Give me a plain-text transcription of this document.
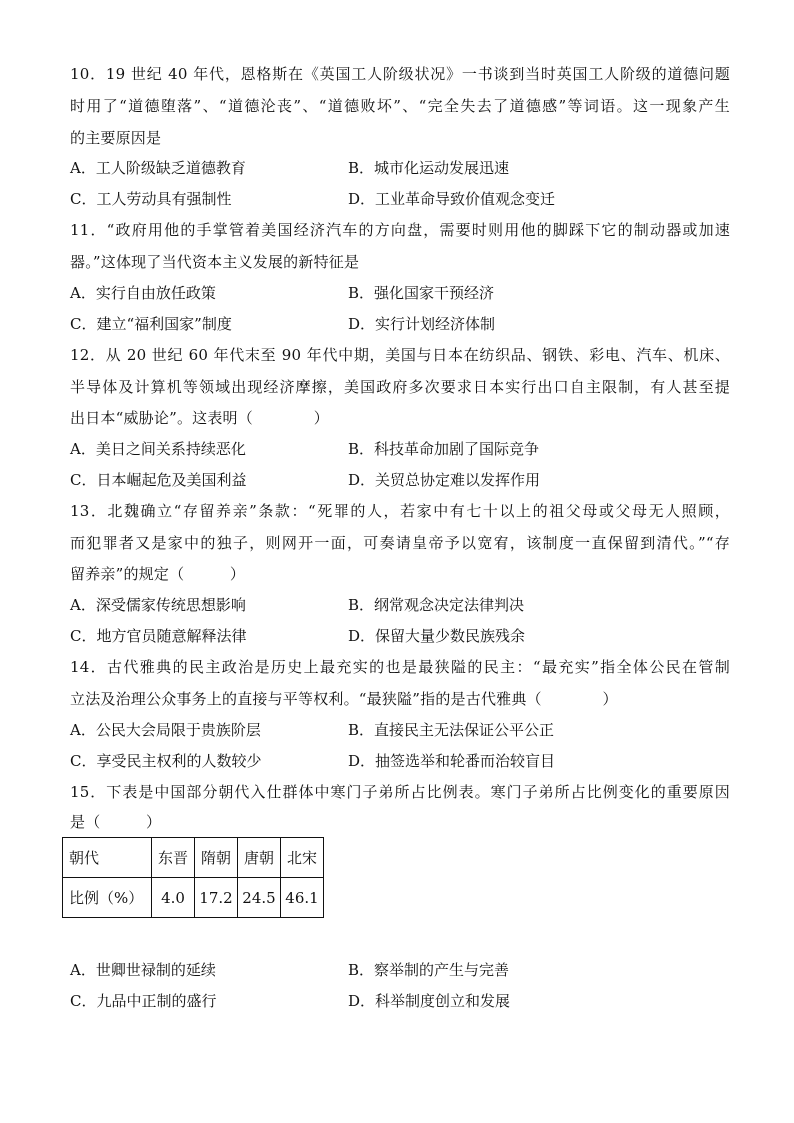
10．19 世纪 40 年代，恩格斯在《英国工人阶级状况》一书谈到当时英国工人阶级的道德问题
时用了“道德堕落”、“道德沦丧”、“道德败坏”、“完全失去了道德感”等词语。这一现象产生
的主要原因是
A．工人阶级缺乏道德教育	B．城市化运动发展迅速
C．工人劳动具有强制性	D．工业革命导致价值观念变迁
11．“政府用他的手掌管着美国经济汽车的方向盘，需要时则用他的脚踩下它的制动器或加速
器。”这体现了当代资本主义发展的新特征是
A．实行自由放任政策	B．强化国家干预经济
C．建立“福利国家”制度	D．实行计划经济体制
12．从 20 世纪 60 年代末至 90 年代中期，美国与日本在纺织品、钢铁、彩电、汽车、机床、
半导体及计算机等领域出现经济摩擦，美国政府多次要求日本实行出口自主限制，有人甚至提
出日本“威胁论”。这表明（　　　　）
A．美日之间关系持续恶化	B．科技革命加剧了国际竞争
C．日本崛起危及美国利益	D．关贸总协定难以发挥作用
13．北魏确立“存留养亲”条款：“死罪的人，若家中有七十以上的祖父母或父母无人照顾，
而犯罪者又是家中的独子，则网开一面，可奏请皇帝予以宽宥，该制度一直保留到清代。”“存
留养亲”的规定（　　　）
A．深受儒家传统思想影响	B．纲常观念决定法律判决
C．地方官员随意解释法律	D．保留大量少数民族残余
14．古代雅典的民主政治是历史上最充实的也是最狭隘的民主：“最充实”指全体公民在管制
立法及治理公众事务上的直接与平等权利。“最狭隘”指的是古代雅典（　　　　）
A．公民大会局限于贵族阶层	B．直接民主无法保证公平公正
C．享受民主权利的人数较少	D．抽签选举和轮番而治较盲目
15．下表是中国部分朝代入仕群体中寒门子弟所占比例表。寒门子弟所占比例变化的重要原因
是（　　　）
朝代	东晋	隋朝	唐朝	北宋
比例（%）	4.0	17.2	24.5	46.1
A．世卿世禄制的延续	B．察举制的产生与完善
C．九品中正制的盛行	D．科举制度创立和发展
